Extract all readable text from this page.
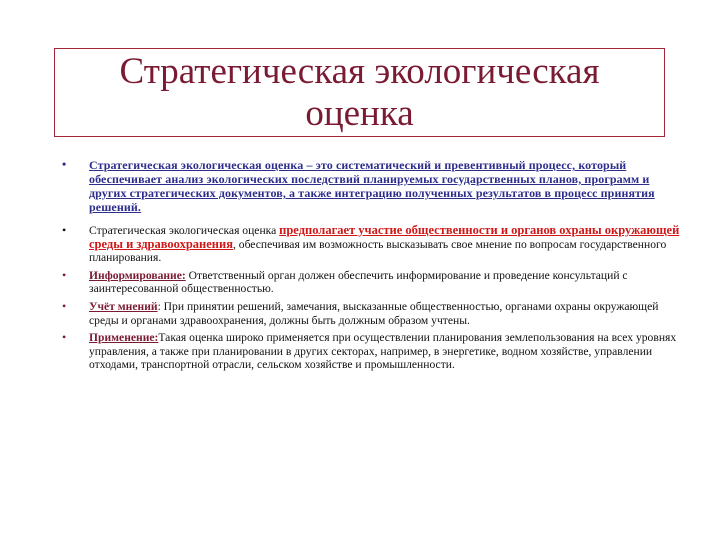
Стратегическая экологическая
оценка
• Стратегическая экологическая оценка – это систематический и превентивный процесс, который обеспечивает анализ экологических последствий планируемых государственных планов, программ и других стратегических документов, а также интеграцию полученных результатов в процесс принятия решений.
• Стратегическая экологическая оценка предполагает участие общественности и органов охраны окружающей среды и здравоохранения, обеспечивая им возможность высказывать свое мнение по вопросам государственного планирования.
• Информирование: Ответственный орган должен обеспечить информирование и проведение консультаций с заинтересованной общественностью.
• Учёт мнений: При принятии решений, замечания, высказанные общественностью, органами охраны окружающей среды и органами здравоохранения, должны быть должным образом учтены.
• Применение:Такая оценка широко применяется при осуществлении планирования землепользования на всех уровнях управления, а также при планировании в других секторах, например, в энергетике, водном хозяйстве, управлении отходами, транспортной отрасли, сельском хозяйстве и промышленности.
